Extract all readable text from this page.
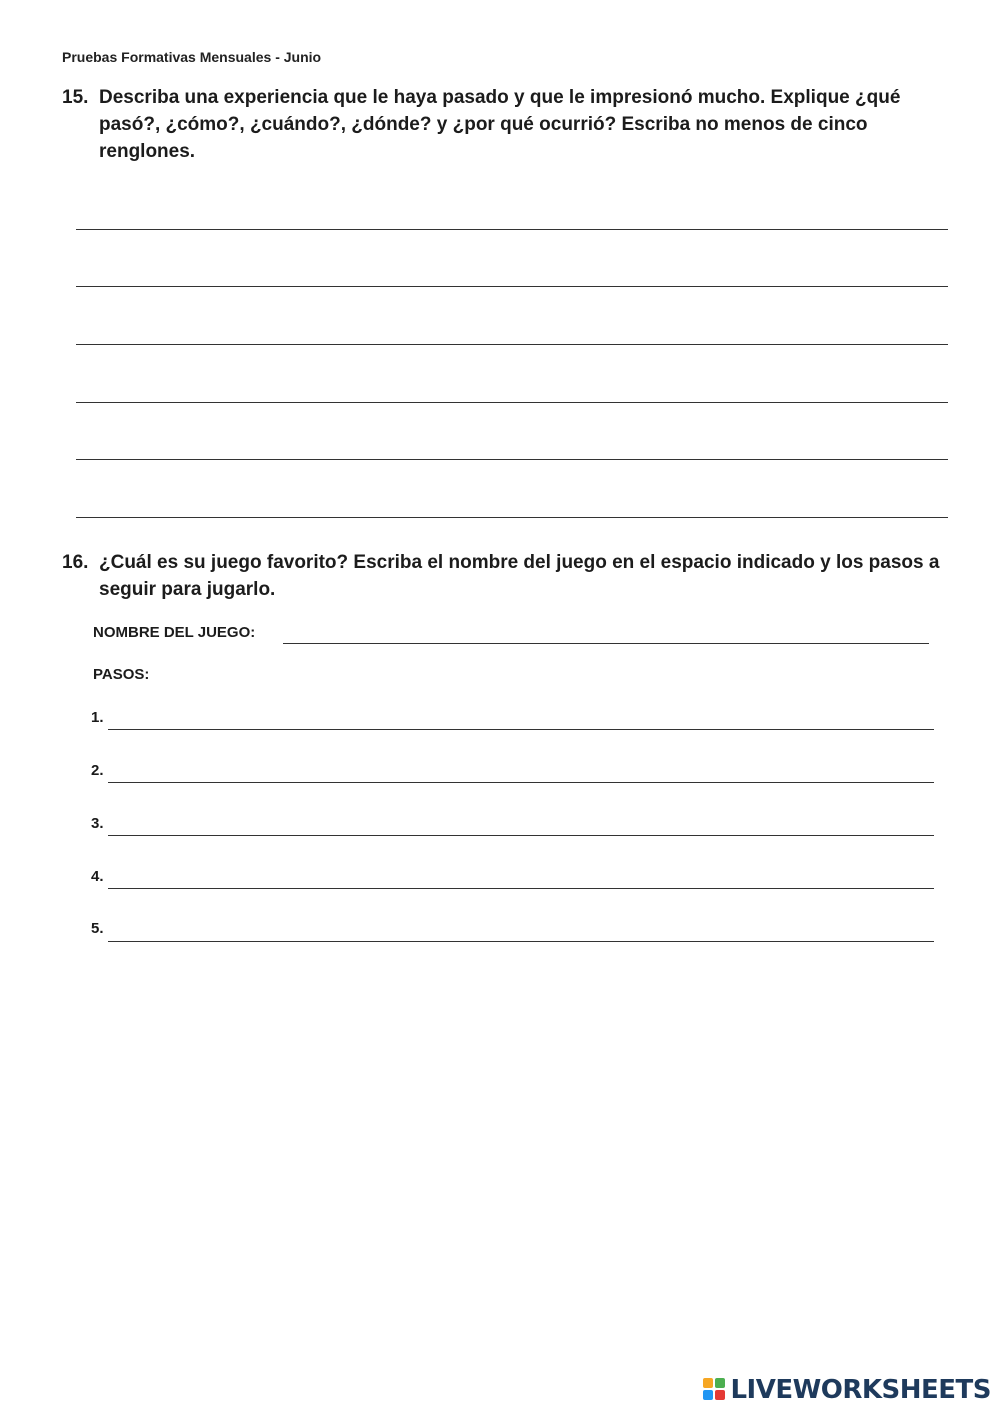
Pruebas Formativas Mensuales - Junio
15. Describa una experiencia que le haya pasado y que le impresionó mucho. Explique ¿qué pasó?, ¿cómo?, ¿cuándo?, ¿dónde? y ¿por qué ocurrió? Escriba no menos de cinco renglones.
16. ¿Cuál es su juego favorito? Escriba el nombre del juego en el espacio indicado y los pasos a seguir para jugarlo.
NOMBRE DEL JUEGO:
PASOS:
1.
2.
3.
4.
5.
LIVEWORKSHEETS
